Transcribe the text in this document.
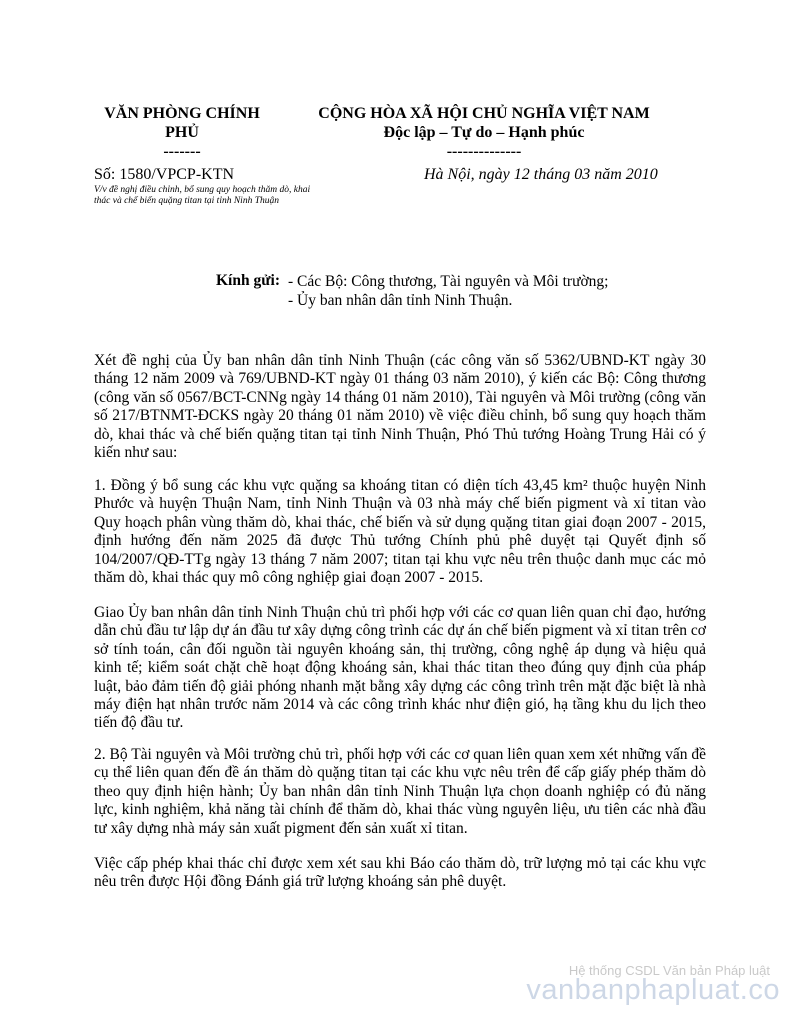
VĂN PHÒNG CHÍNH PHỦ
-------
CỘNG HÒA XÃ HỘI CHỦ NGHĨA VIỆT NAM
Độc lập – Tự do – Hạnh phúc
--------------
Số: 1580/VPCP-KTN
V/v đề nghị điều chỉnh, bổ sung quy hoạch thăm dò, khai thác và chế biến quặng titan tại tỉnh Ninh Thuận
Hà Nội, ngày 12 tháng 03 năm 2010
Kính gửi: - Các Bộ: Công thương, Tài nguyên và Môi trường;
- Ủy ban nhân dân tỉnh Ninh Thuận.
Xét đề nghị của Ủy ban nhân dân tỉnh Ninh Thuận (các công văn số 5362/UBND-KT ngày 30 tháng 12 năm 2009 và 769/UBND-KT ngày 01 tháng 03 năm 2010), ý kiến các Bộ: Công thương (công văn số 0567/BCT-CNNg ngày 14 tháng 01 năm 2010), Tài nguyên và Môi trường (công văn số 217/BTNMT-ĐCKS ngày 20 tháng 01 năm 2010) về việc điều chỉnh, bổ sung quy hoạch thăm dò, khai thác và chế biến quặng titan tại tỉnh Ninh Thuận, Phó Thủ tướng Hoàng Trung Hải có ý kiến như sau:
1. Đồng ý bổ sung các khu vực quặng sa khoáng titan có diện tích 43,45 km² thuộc huyện Ninh Phước và huyện Thuận Nam, tỉnh Ninh Thuận và 03 nhà máy chế biến pigment và xỉ titan vào Quy hoạch phân vùng thăm dò, khai thác, chế biến và sử dụng quặng titan giai đoạn 2007 - 2015, định hướng đến năm 2025 đã được Thủ tướng Chính phủ phê duyệt tại Quyết định số 104/2007/QĐ-TTg ngày 13 tháng 7 năm 2007; titan tại khu vực nêu trên thuộc danh mục các mỏ thăm dò, khai thác quy mô công nghiệp giai đoạn 2007 - 2015.
Giao Ủy ban nhân dân tỉnh Ninh Thuận chủ trì phối hợp với các cơ quan liên quan chỉ đạo, hướng dẫn chủ đầu tư lập dự án đầu tư xây dựng công trình các dự án chế biến pigment và xỉ titan trên cơ sở tính toán, cân đối nguồn tài nguyên khoáng sản, thị trường, công nghệ áp dụng và hiệu quả kinh tế; kiểm soát chặt chẽ hoạt động khoáng sản, khai thác titan theo đúng quy định của pháp luật, bảo đảm tiến độ giải phóng nhanh mặt bằng xây dựng các công trình trên mặt đặc biệt là nhà máy điện hạt nhân trước năm 2014 và các công trình khác như điện gió, hạ tầng khu du lịch theo tiến độ đầu tư.
2. Bộ Tài nguyên và Môi trường chủ trì, phối hợp với các cơ quan liên quan xem xét những vấn đề cụ thể liên quan đến đề án thăm dò quặng titan tại các khu vực nêu trên để cấp giấy phép thăm dò theo quy định hiện hành; Ủy ban nhân dân tỉnh Ninh Thuận lựa chọn doanh nghiệp có đủ năng lực, kinh nghiệm, khả năng tài chính để thăm dò, khai thác vùng nguyên liệu, ưu tiên các nhà đầu tư xây dựng nhà máy sản xuất pigment đến sản xuất xỉ titan.
Việc cấp phép khai thác chỉ được xem xét sau khi Báo cáo thăm dò, trữ lượng mỏ tại các khu vực nêu trên được Hội đồng Đánh giá trữ lượng khoáng sản phê duyệt.
Hệ thống CSDL Văn bản Pháp luật
vanbanphapluat.co
